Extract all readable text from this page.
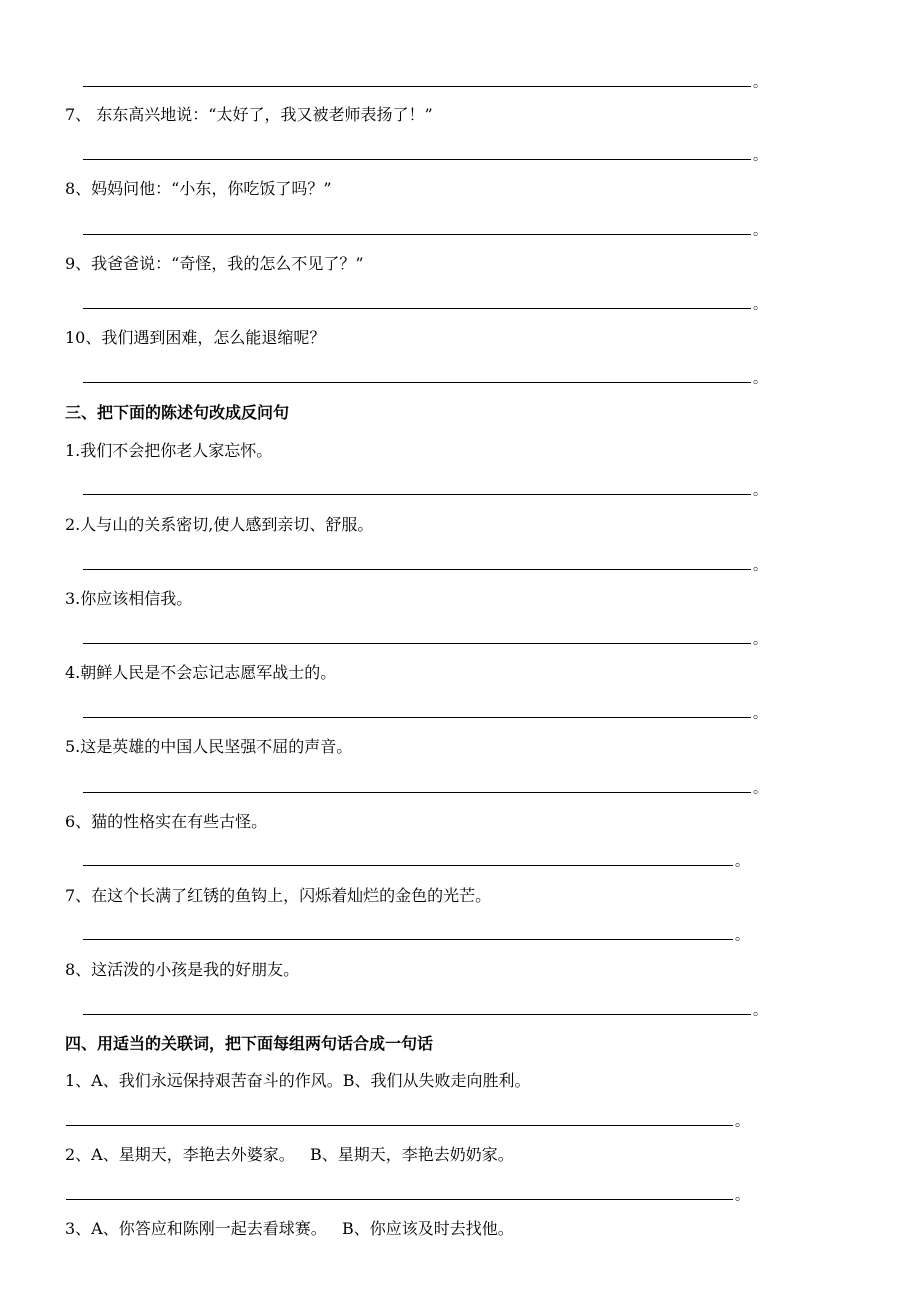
。
7、 东东高兴地说：“太好了，我又被老师表扬了！”
。
8、妈妈问他：“小东，你吃饭了吗？”
。
9、我爸爸说：“奇怪，我的怎么不见了？”
。
10、我们遇到困难，怎么能退缩呢？
。
三、把下面的陈述句改成反问句
1.我们不会把你老人家忘怀。
。
2.人与山的关系密切,使人感到亲切、舒服。
。
3.你应该相信我。
。
4.朝鲜人民是不会忘记志愿军战士的。
。
5.这是英雄的中国人民坚强不屈的声音。
。
6、猫的性格实在有些古怪。
。
7、在这个长满了红锈的鱼钩上，闪烁着灿烂的金色的光芒。
。
8、这活泼的小孩是我的好朋友。
。
四、用适当的关联词，把下面每组两句话合成一句话
1、A、我们永远保持艰苦奋斗的作风。B、我们从失败走向胜利。
。
2、A、星期天，李艳去外婆家。   B、星期天，李艳去奶奶家。
。
3、A、你答应和陈刚一起去看球赛。   B、你应该及时去找他。
